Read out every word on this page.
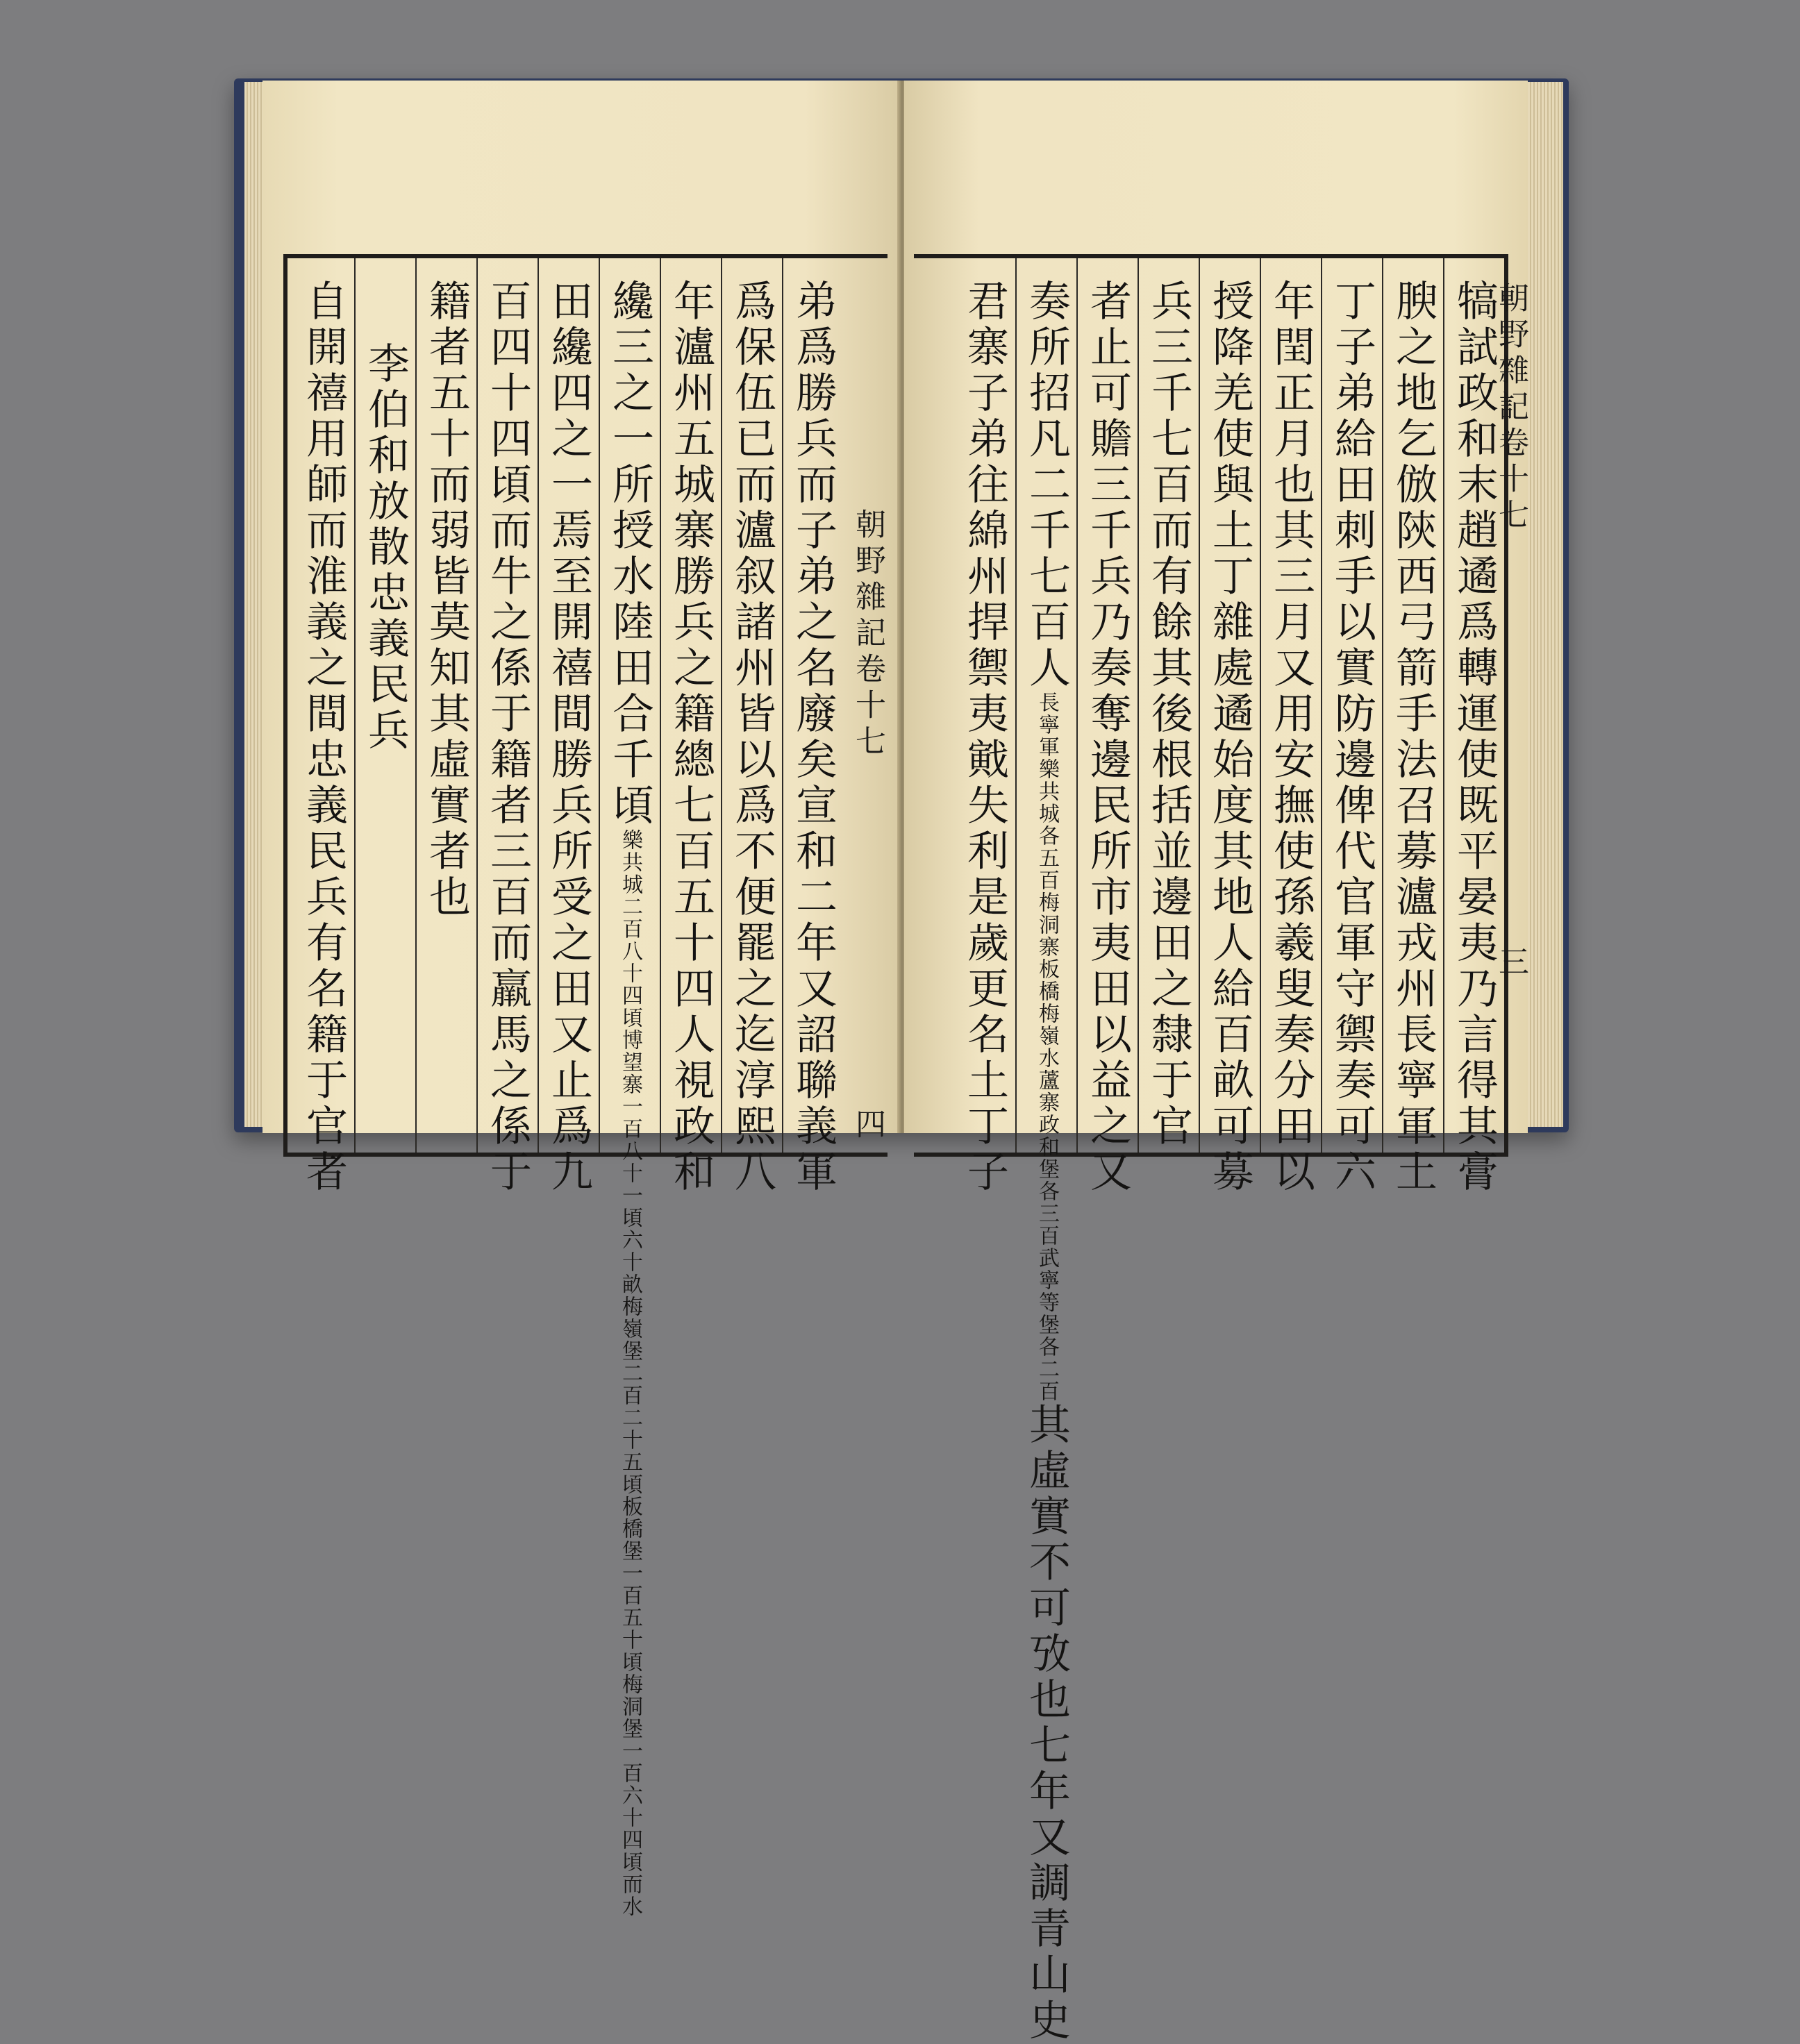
朝野雜記卷十七
四
弟爲勝兵而子弟之名廢矣宣和二年又詔聯義軍
爲保伍已而瀘叙諸州皆以爲不便罷之迄淳熙八
年瀘州五城寨勝兵之籍總七百五十四人視政和
纔三之一所授水陸田合千頃樂共城二百八十四頃博望寨一百八十一頃六十畝梅嶺堡二百二十五頃板橋堡一百五十頃梅洞堡一百六十四頃而水
田纔四之一焉至開禧間勝兵所受之田又止爲九
百四十四頃而牛之係于籍者三百而羸馬之係于
籍者五十而弱皆莫知其虛實者也
李伯和放散忠義民兵
自開禧用師而淮義之間忠義民兵有名籍于官者	犒試政和末趙遹爲轉運使既平晏夷乃言得其膏
腴之地乞倣陝西弓箭手法召募瀘戎州長寧軍土
丁子弟給田刺手以實防邊俾代官軍守禦奏可六
年閏正月也其三月又用安撫使孫羲叟奏分田以
授降羌使與土丁雜處遹始度其地人給百畝可募
兵三千七百而有餘其後根括並邊田之隸于官
者止可贍三千兵乃奏奪邊民所市夷田以益之又
奏所招凡二千七百人長寧軍樂共城各五百梅洞寨板橋梅嶺水蘆寨政和堡各三百武寧等堡各二百其虛實不可攷也七年又調青山史
君寨子弟往綿州捍禦夷戭失利是歲更名土丁子	朝野雜記卷十七
三
